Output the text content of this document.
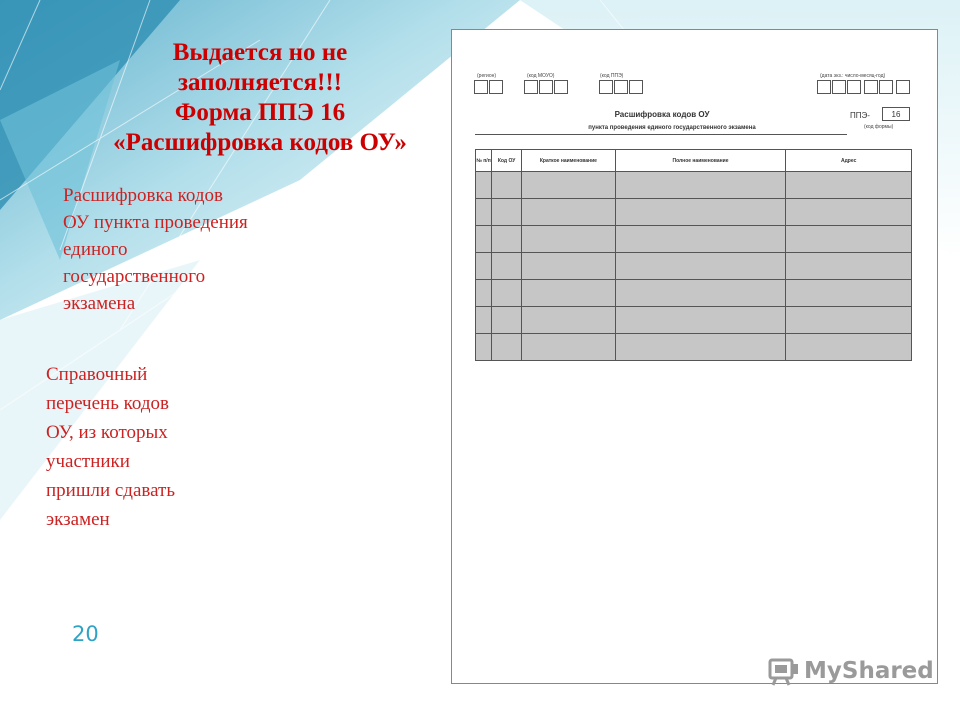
Выдается но не
заполняется!!!
Форма ППЭ 16
«Расшифровка кодов ОУ»
Расшифровка кодов
ОУ пункта проведения
единого
государственного
экзамена
Справочный
перечень кодов
ОУ, из которых
участники
пришли сдавать
экзамен
20
(регион)	(код МОУО)	(код ППЭ)	(дата экз.: число-месяц-год)
Расшифровка кодов ОУ
пункта проведения единого государственного экзамена
ППЭ-	16
(код формы)
№ п/п	Код ОУ	Краткое наименование	Полное наименование	Адрес

MyShared
